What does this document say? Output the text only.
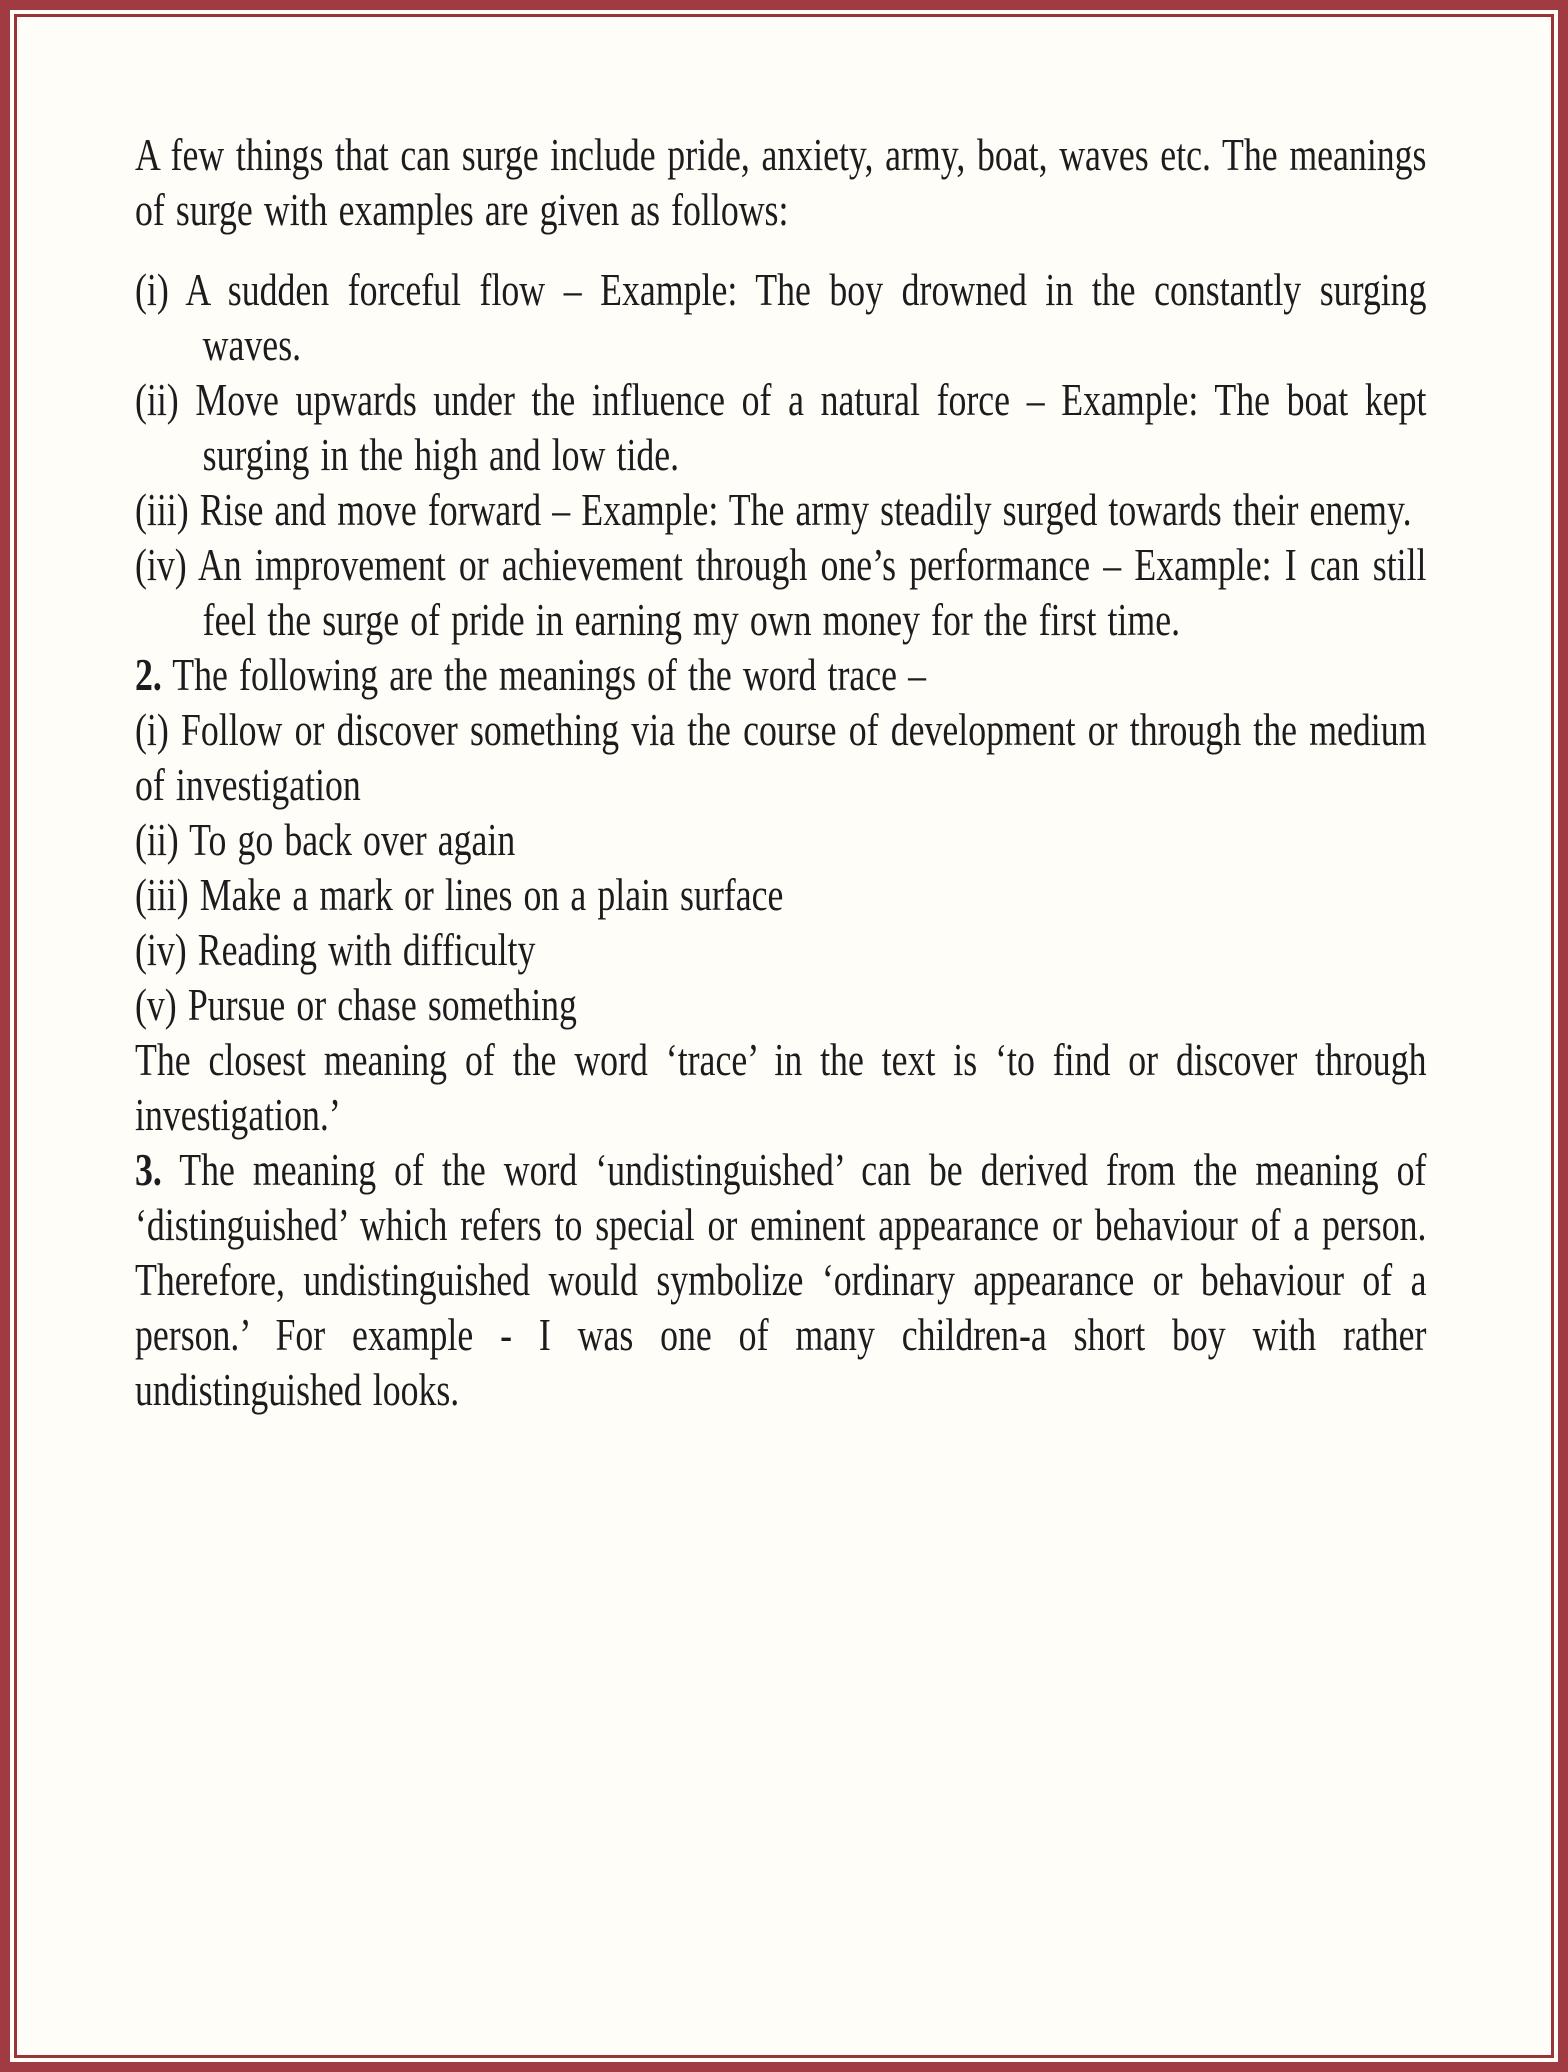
A few things that can surge include pride, anxiety, army, boat, waves etc. The meanings of surge with examples are given as follows:

(i) A sudden forceful flow – Example: The boy drowned in the constantly surging waves.

(ii) Move upwards under the influence of a natural force – Example: The boat kept surging in the high and low tide.

(iii) Rise and move forward – Example: The army steadily surged towards their enemy.

(iv) An improvement or achievement through one’s performance – Example: I can still feel the surge of pride in earning my own money for the first time.

2. The following are the meanings of the word trace –

(i) Follow or discover something via the course of development or through the medium of investigation

(ii) To go back over again

(iii) Make a mark or lines on a plain surface

(iv) Reading with difficulty

(v) Pursue or chase something

The closest meaning of the word ‘trace’ in the text is ‘to find or discover through investigation.’

3. The meaning of the word ‘undistinguished’ can be derived from the meaning of ‘distinguished’ which refers to special or eminent appearance or behaviour of a person. Therefore, undistinguished would symbolize ‘ordinary appearance or behaviour of a person.’ For example - I was one of many children-a short boy with rather undistinguished looks.
